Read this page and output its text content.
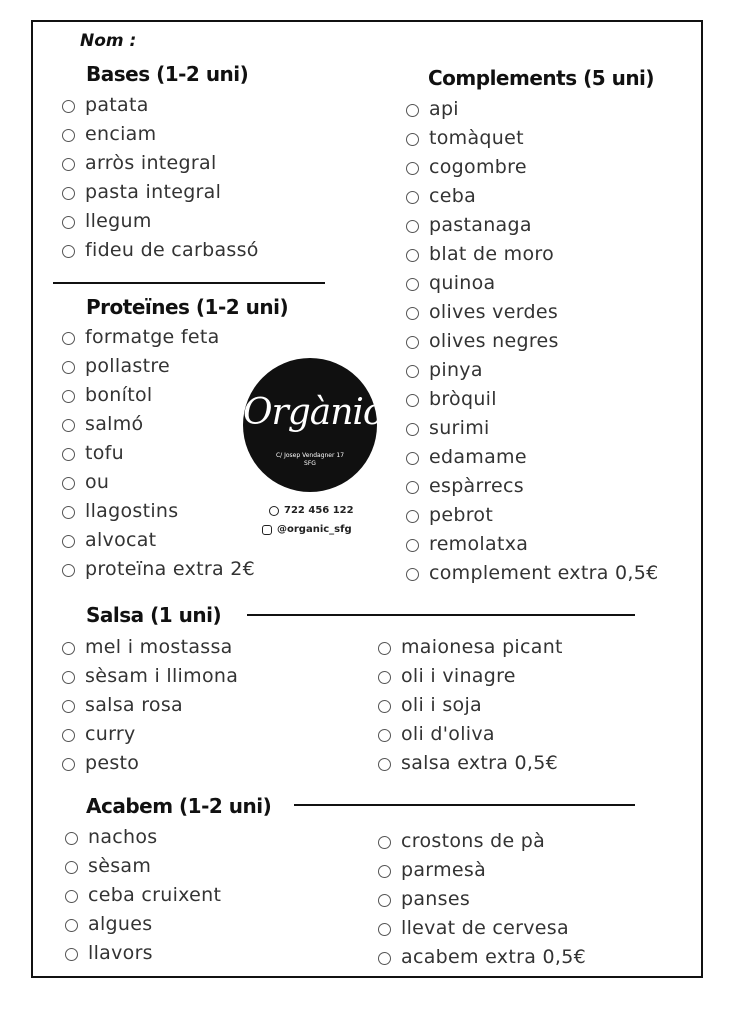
Nom :
Bases (1-2 uni)
patata
enciam
arròs integral
pasta integral
llegum
fideu de carbassó
Complements (5 uni)
api
tomàquet
cogombre
ceba
pastanaga
blat de moro
quinoa
olives verdes
olives negres
pinya
bròquil
surimi
edamame
espàrrecs
pebrot
remolatxa
complement extra 0,5€
Proteïnes (1-2 uni)
formatge feta
pollastre
bonítol
salmó
tofu
ou
llagostins
alvocat
proteïna extra 2€
Orgànic
C/ Josep Vendagner 17
SFG
722 456 122
@organic_sfg
Salsa (1 uni)
mel i mostassa
sèsam i llimona
salsa rosa
curry
pesto
maionesa picant
oli i vinagre
oli i soja
oli d'oliva
salsa extra 0,5€
Acabem (1-2 uni)
nachos
sèsam
ceba cruixent
algues
llavors
crostons de pà
parmesà
panses
llevat de cervesa
acabem extra 0,5€
